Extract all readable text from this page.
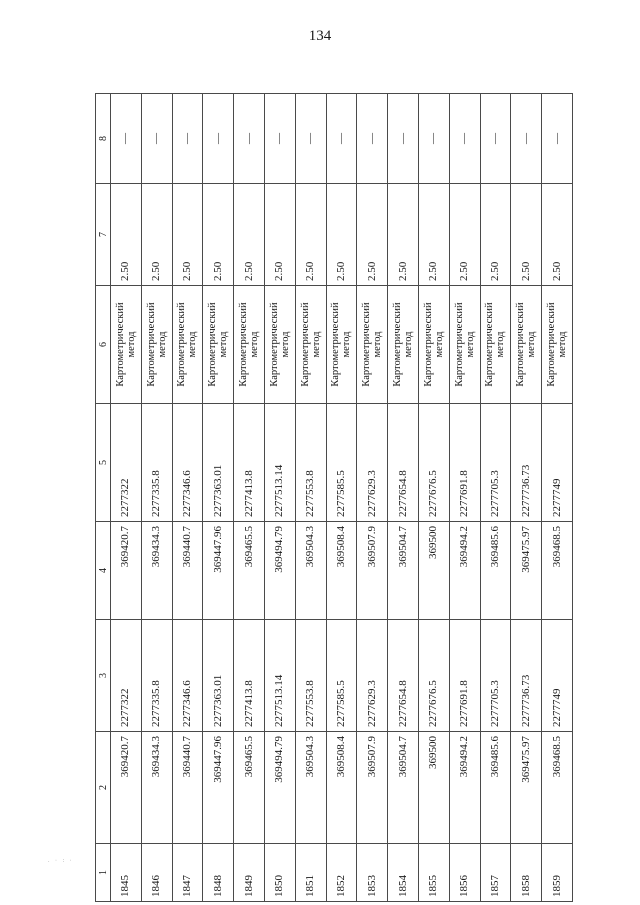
134
1	2	3	4	5	6	7	8
1845	369420.7	2277322	369420.7	2277322	Картометрический метод	2.50	—
1846	369434.3	2277335.8	369434.3	2277335.8	Картометрический метод	2.50	—
1847	369440.7	2277346.6	369440.7	2277346.6	Картометрический метод	2.50	—
1848	369447.96	2277363.01	369447.96	2277363.01	Картометрический метод	2.50	—
1849	369465.5	2277413.8	369465.5	2277413.8	Картометрический метод	2.50	—
1850	369494.79	2277513.14	369494.79	2277513.14	Картометрический метод	2.50	—
1851	369504.3	2277553.8	369504.3	2277553.8	Картометрический метод	2.50	—
1852	369508.4	2277585.5	369508.4	2277585.5	Картометрический метод	2.50	—
1853	369507.9	2277629.3	369507.9	2277629.3	Картометрический метод	2.50	—
1854	369504.7	2277654.8	369504.7	2277654.8	Картометрический метод	2.50	—
1855	369500	2277676.5	369500	2277676.5	Картометрический метод	2.50	—
1856	369494.2	2277691.8	369494.2	2277691.8	Картометрический метод	2.50	—
1857	369485.6	2277705.3	369485.6	2277705.3	Картометрический метод	2.50	—
1858	369475.97	2277736.73	369475.97	2277736.73	Картометрический метод	2.50	—
1859	369468.5	2277749	369468.5	2277749	Картометрический метод	2.50	—
. · : ·
